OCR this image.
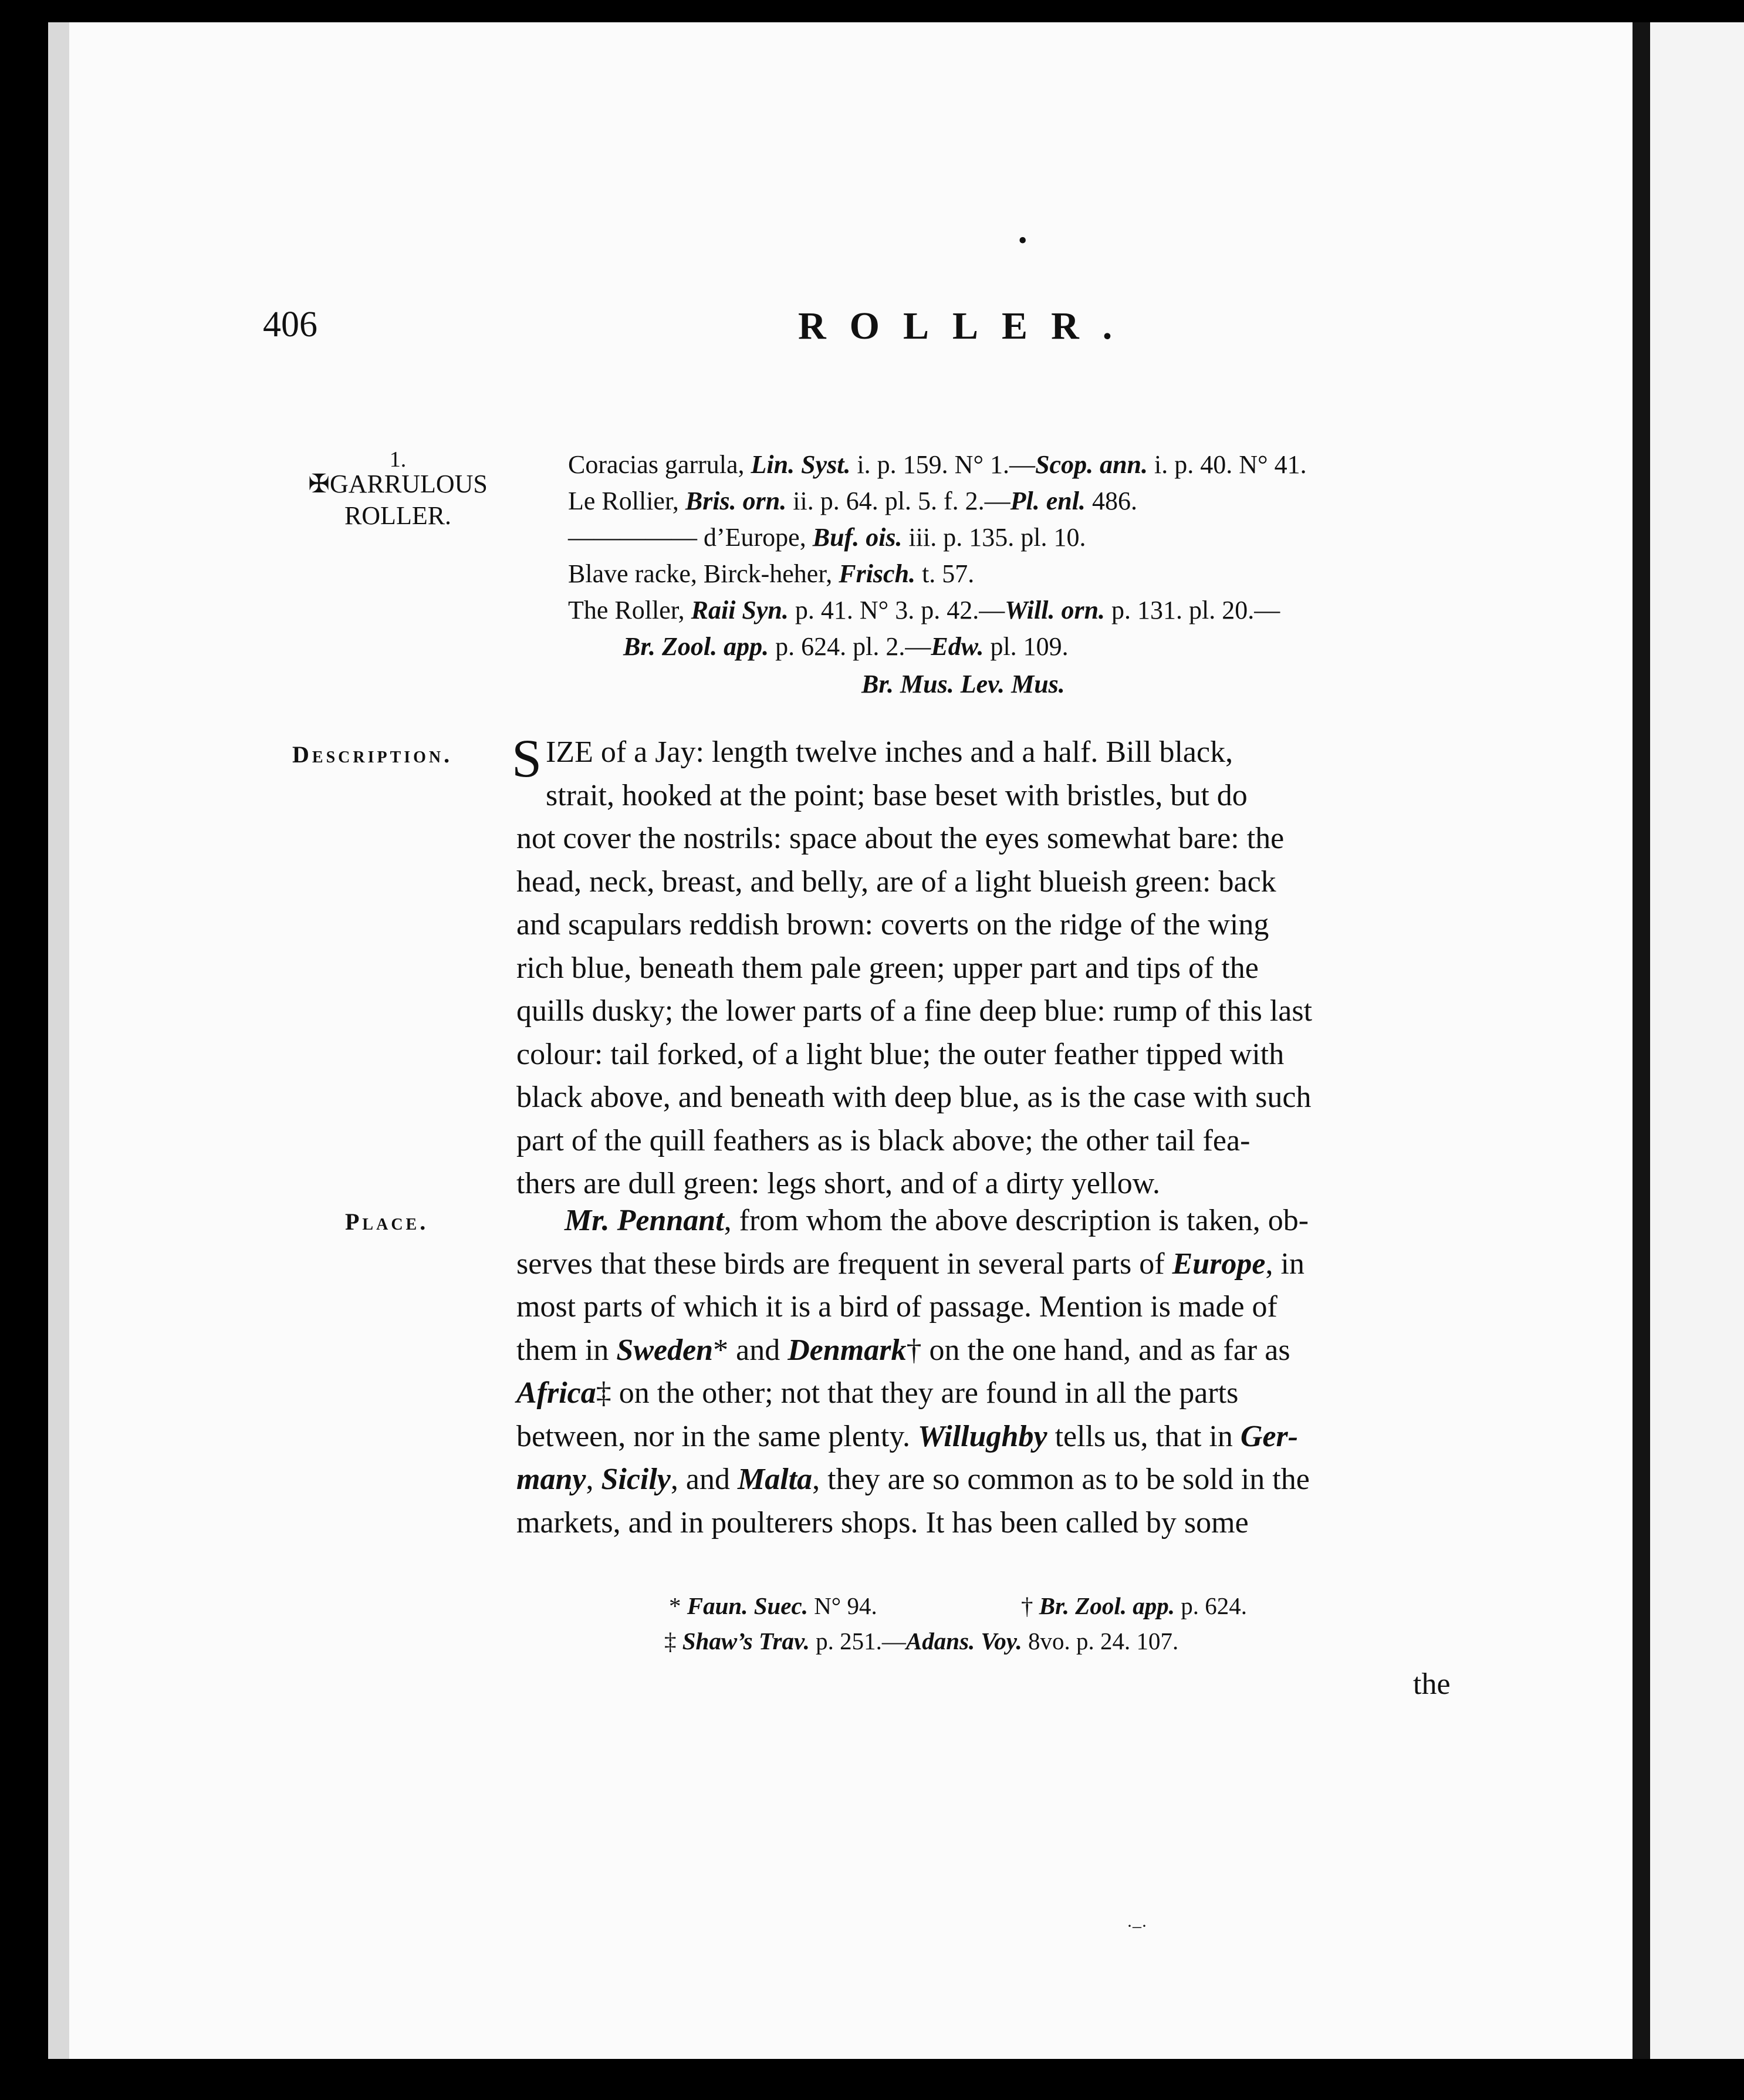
•
406	ROLLER.
1.
✠GARRULOUS
ROLLER.
Coracias garrula, Lin. Syst. i. p. 159. N° 1.—Scop. ann. i. p. 40. N° 41.
Le Rollier, Bris. orn. ii. p. 64. pl. 5. f. 2.—Pl. enl. 486.
————— d’Europe, Buf. ois. iii. p. 135. pl. 10.
Blave racke, Birck-heher, Frisch. t. 57.
The Roller, Raii Syn. p. 41. N° 3. p. 42.—Will. orn. p. 131. pl. 20.—
Br. Zool. app. p. 624. pl. 2.—Edw. pl. 109.
Br. Mus. Lev. Mus.
Description.
Place.
S IZE of a Jay: length twelve inches and a half. Bill black,
strait, hooked at the point; base beset with bristles, but do
not cover the nostrils: space about the eyes somewhat bare: the
head, neck, breast, and belly, are of a light blueish green: back
and scapulars reddish brown: coverts on the ridge of the wing
rich blue, beneath them pale green; upper part and tips of the
quills dusky; the lower parts of a fine deep blue: rump of this last
colour: tail forked, of a light blue; the outer feather tipped with
black above, and beneath with deep blue, as is the case with such
part of the quill feathers as is black above; the other tail fea-
thers are dull green: legs short, and of a dirty yellow.
Mr. Pennant, from whom the above description is taken, ob-
serves that these birds are frequent in several parts of Europe, in
most parts of which it is a bird of passage. Mention is made of
them in Sweden* and Denmark† on the one hand, and as far as
Africa‡ on the other; not that they are found in all the parts
between, nor in the same plenty. Willughby tells us, that in Ger-
many, Sicily, and Malta, they are so common as to be sold in the
markets, and in poulterers shops. It has been called by some
* Faun. Suec. N° 94.	† Br. Zool. app. p. 624.
‡ Shaw’s Trav. p. 251.—Adans. Voy. 8vo. p. 24. 107.
the
·–·
